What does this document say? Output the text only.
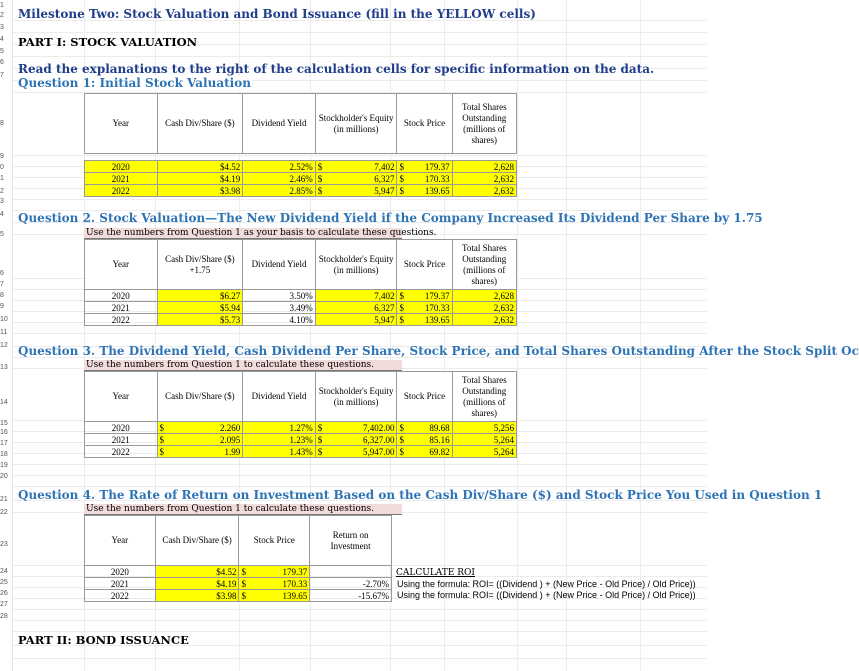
1
2
3
4
5
6
7
8
9
0
1
2
3
4
5
6
7
8
9
10
11
12
13
14
15
16
17
18
19
20
21
22
23
24
25
26
27
28
Milestone Two: Stock Valuation and Bond Issuance (fill in the YELLOW cells)
PART I: STOCK VALUATION
Read the explanations to the right of the calculation cells for specific information on the data.
Question 1: Initial Stock Valuation
Year	Cash Div/Share ($)	Dividend Yield	Stockholder's Equity (in millions)	Stock Price	Total Shares Outstanding (millions of shares)

2020	$4.52	2.52%	$ 7,402	$ 179.37	2,628
2021	$4.19	2.46%	$ 6,327	$ 170.33	2,632
2022	$3.98	2.85%	$ 5,947	$ 139.65	2,632
Question 2. Stock Valuation—The New Dividend Yield if the Company Increased Its Dividend Per Share by 1.75
Use the numbers from Question 1 as your basis to calculate these questions.
Year	Cash Div/Share ($) +1.75	Dividend Yield	Stockholder's Equity (in millions)	Stock Price	Total Shares Outstanding (millions of shares)
2020	$6.27	3.50%	7,402	$ 179.37	2,628
2021	$5.94	3.49%	6,327	$ 170.33	2,632
2022	$5.73	4.10%	5,947	$ 139.65	2,632
Question 3. The Dividend Yield, Cash Dividend Per Share, Stock Price, and Total Shares Outstanding After the Stock Split Oc
Use the numbers from Question 1 to calculate these questions.
Year	Cash Div/Share ($)	Dividend Yield	Stockholder's Equity (in millions)	Stock Price	Total Shares Outstanding (millions of shares)
2020	$ 2.260	1.27%	$ 7,402.00	$ 89.68	5,256
2021	$ 2.095	1.23%	$ 6,327.00	$ 85.16	5,264
2022	$ 1.99	1.43%	$ 5,947.00	$ 69.82	5,264
Question 4. The Rate of Return on Investment Based on the Cash Div/Share ($) and Stock Price You Used in Question 1
Use the numbers from Question 1 to calculate these questions.
Year	Cash Div/Share ($)	Stock Price	Return on Investment
2020	$4.52	$ 179.37	

2021	$4.19	$ 170.33	-2.70%
2022	$3.98	$ 139.65	-15.67%
CALCULATE ROI
Using the formula: ROI= ((Dividend ) + (New Price - Old Price) / Old Price))
Using the formula: ROI= ((Dividend ) + (New Price - Old Price) / Old Price))
PART II: BOND ISSUANCE
